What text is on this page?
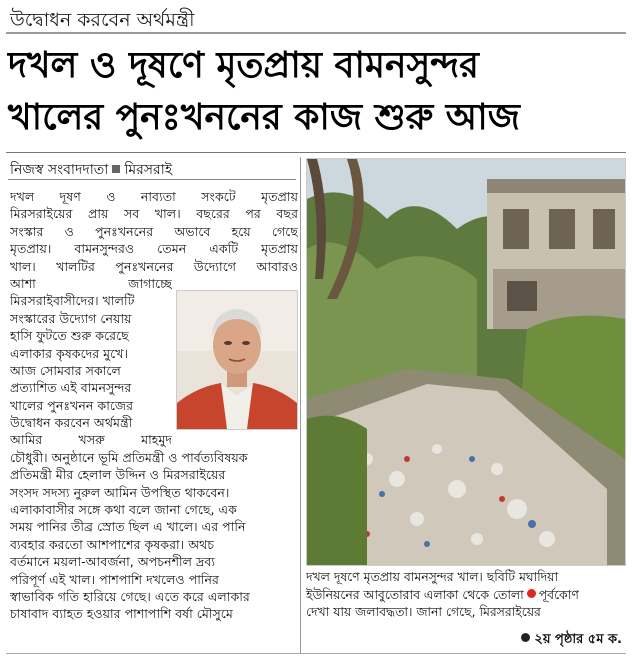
উদ্বোধন করবেন অর্থমন্ত্রী
দখল ও দূষণে মৃতপ্রায় বামনসুন্দর
খালের পুনঃখননের কাজ শুরু আজ
নিজস্ব সংবাদদাতা মিরসরাই
দখল দূষণ ও নাব্যতা সংকটে মৃতপ্রায়
মিরসরাইয়ের প্রায় সব খাল। বছরের পর বছর
সংস্কার ও পুনঃখননের অভাবে হয়ে গেছে
মৃতপ্রায়। বামনসুন্দরও তেমন একটি মৃতপ্রায়
খাল। খালটির পুনঃখননের উদ্যোগে আবারও
আশা জাগাচ্ছে
মিরসরাইবাসীদের। খালটি
সংস্কারের উদ্যোগ নেয়ায়
হাসি ফুটতে শুরু করেছে
এলাকার কৃষকদের মুখে।
আজ সোমবার সকালে
প্রত্যাশিত এই বামনসুন্দর
খালের পুনঃখনন কাজের
উদ্বোধন করবেন অর্থমন্ত্রী
আমির খসরু মাহমুদ
চৌধুরী। অনুষ্ঠানে ভূমি প্রতিমন্ত্রী ও পার্বত্যবিষয়ক
প্রতিমন্ত্রী মীর হেলাল উদ্দিন ও মিরসরাইয়ের
সংসদ সদস্য নুরুল আমিন উপস্থিত থাকবেন।
এলাকাবাসীর সঙ্গে কথা বলে জানা গেছে, এক
সময় পানির তীব্র স্রোত ছিল এ খালে। এর পানি
ব্যবহার করতো আশপাশের কৃষকরা। অথচ
বর্তমানে ময়লা-আবর্জনা, অপচনশীল দ্রব্য
পরিপূর্ণ এই খাল। পাশপাশি দখলেও পানির
স্বাভাবিক গতি হারিয়ে গেছে। এতে করে এলাকার
চাষাবাদ ব্যাহত হওয়ার পাশাপাশি বর্ষা মৌসুমে
দখল দূষণে মৃতপ্রায় বামনসুন্দর খাল। ছবিটি মঘাদিয়া
ইউনিয়নের আবুতোরাব এলাকা থেকে তোলা পূর্বকোণ
দেখা যায় জলাবদ্ধতা। জানা গেছে, মিরসরাইয়ের
২য় পৃষ্ঠার ৫ম ক.
